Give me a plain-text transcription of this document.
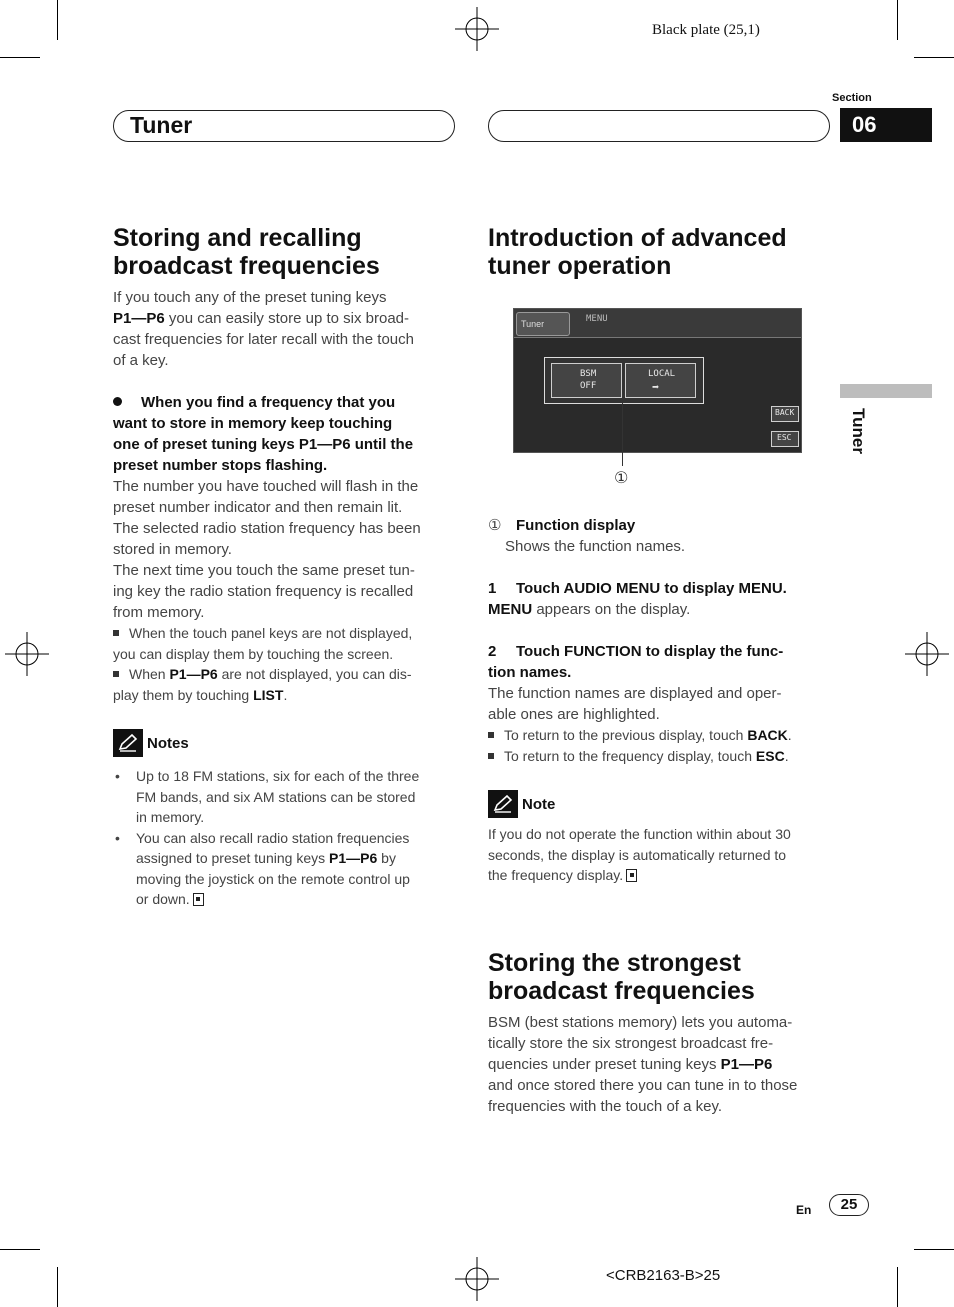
Black plate (25,1)
Tuner
Section
06
Tuner
Storing and recalling
broadcast frequencies
If you touch any of the preset tuning keys
P1—P6 you can easily store up to six broad-
cast frequencies for later recall with the touch
of a key.
When you find a frequency that you
want to store in memory keep touching
one of preset tuning keys P1—P6 until the
preset number stops flashing.
The number you have touched will flash in the
preset number indicator and then remain lit.
The selected radio station frequency has been
stored in memory.
The next time you touch the same preset tun-
ing key the radio station frequency is recalled
from memory.
When the touch panel keys are not displayed,
you can display them by touching the screen.
When P1—P6 are not displayed, you can dis-
play them by touching LIST.
Notes
• Up to 18 FM stations, six for each of the three
FM bands, and six AM stations can be stored
in memory.
• You can also recall radio station frequencies
assigned to preset tuning keys P1—P6 by
moving the joystick on the remote control up
or down.
Introduction of advanced
tuner operation
Tuner	MENU
BSM
OFF
LOCAL
➡
BACK
ESC
①
① Function display
Shows the function names.
1 Touch AUDIO MENU to display MENU.
MENU appears on the display.
2 Touch FUNCTION to display the func-
tion names.
The function names are displayed and oper-
able ones are highlighted.
To return to the previous display, touch BACK.
To return to the frequency display, touch ESC.
Note
If you do not operate the function within about 30
seconds, the display is automatically returned to
the frequency display.
Storing the strongest
broadcast frequencies
BSM (best stations memory) lets you automa-
tically store the six strongest broadcast fre-
quencies under preset tuning keys P1—P6
and once stored there you can tune in to those
frequencies with the touch of a key.
En	25
<CRB2163-B>25
